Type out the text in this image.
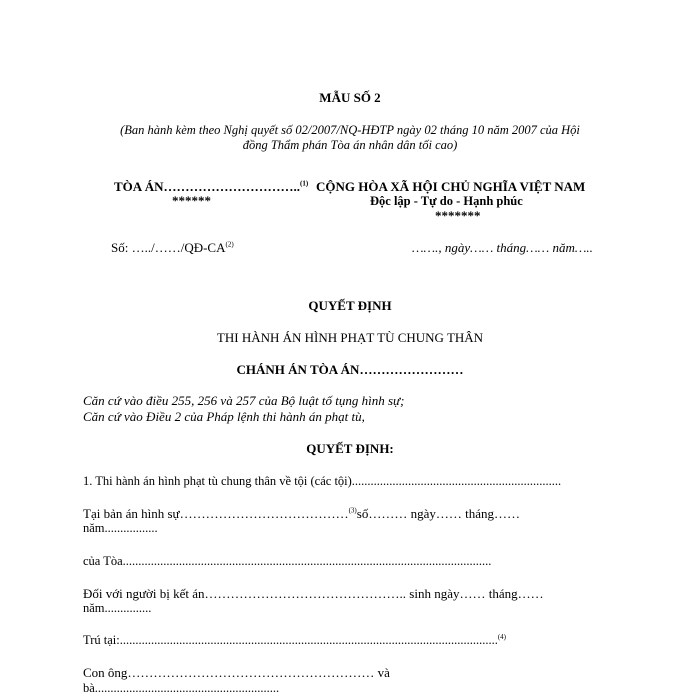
MẪU SỐ 2
(Ban hành kèm theo Nghị quyết số 02/2007/NQ-HĐTP ngày 02 tháng 10 năm 2007 của Hội
đồng Thẩm phán Tòa án nhân dân tối cao)
TÒA ÁN…………………………..$^{(1)}$
******
Số: …../……/QĐ-CA$^{(2)}$
CỘNG HÒA XÃ HỘI CHỦ NGHĨA VIỆT NAM
Độc lập - Tự do - Hạnh phúc
*******
……., ngày…… tháng…… năm…..
QUYẾT ĐỊNH
THI HÀNH ÁN HÌNH PHẠT TÙ CHUNG THÂN
CHÁNH ÁN TÒA ÁN……………………
Căn cứ vào điều 255, 256 và 257 của Bộ luật tố tụng hình sự;
Căn cứ vào Điều 2 của Pháp lệnh thi hành án phạt tù,
QUYẾT ĐỊNH:
1. Thi hành án hình phạt tù chung thân về tội (các tội)...................................................................
Tại bản án hình sự…………………………………$^{(3)}$số……… ngày…… tháng……
năm.................
của Tòa......................................................................................................................
Đối với người bị kết án……………………………………….. sinh ngày…… tháng……
năm...............
Trú tại:.........................................................................................................................$^{(4)}$
Con ông………………………………………………… và
bà...........................................................
